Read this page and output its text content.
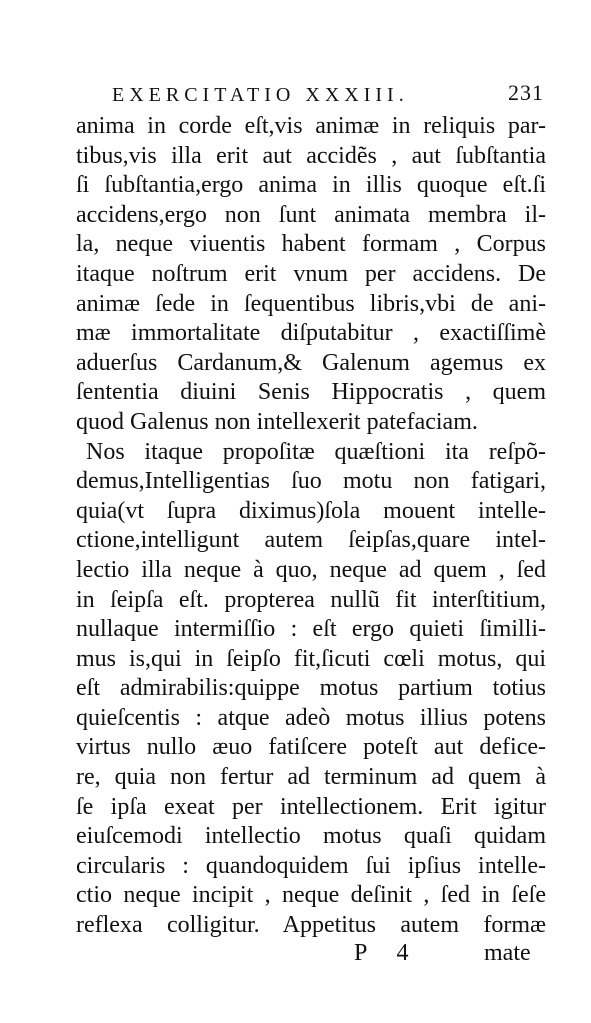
EXERCITATIO XXXIII.	231
anima in corde eſt,vis animæ in reliquis par-
tibus,vis illa erit aut accidẽs , aut ſubſtantia
ſi ſubſtantia,ergo anima in illis quoque eſt.ſi
accidens,ergo non ſunt animata membra il-
la, neque viuentis habent formam , Corpus
itaque noſtrum erit vnum per accidens. De
animæ ſede in ſequentibus libris,vbi de ani-
mæ immortalitate diſputabitur , exactiſſimè
aduerſus Cardanum,& Galenum agemus ex
ſententia diuini Senis Hippocratis , quem
quod Galenus non intellexerit patefaciam.
Nos itaque propoſitæ quæſtioni ita reſpõ-
demus,Intelligentias ſuo motu non fatigari,
quia(vt ſupra diximus)ſola mouent intelle-
ctione,intelligunt autem ſeipſas,quare intel-
lectio illa neque à quo, neque ad quem , ſed
in ſeipſa eſt. propterea nullũ fit interſtitium,
nullaque intermiſſio : eſt ergo quieti ſimilli-
mus is,qui in ſeipſo fit,ſicuti cœli motus, qui
eſt admirabilis:quippe motus partium totius
quieſcentis : atque adeò motus illius potens
virtus nullo æuo fatiſcere poteſt aut defice-
re, quia non fertur ad terminum ad quem à
ſe ipſa exeat per intellectionem. Erit igitur
eiuſcemodi intellectio motus quaſi quidam
circularis : quandoquidem ſui ipſius intelle-
ctio neque incipit , neque deſinit , ſed in ſeſe
reflexa colligitur. Appetitus autem formæ
P 4	mate
